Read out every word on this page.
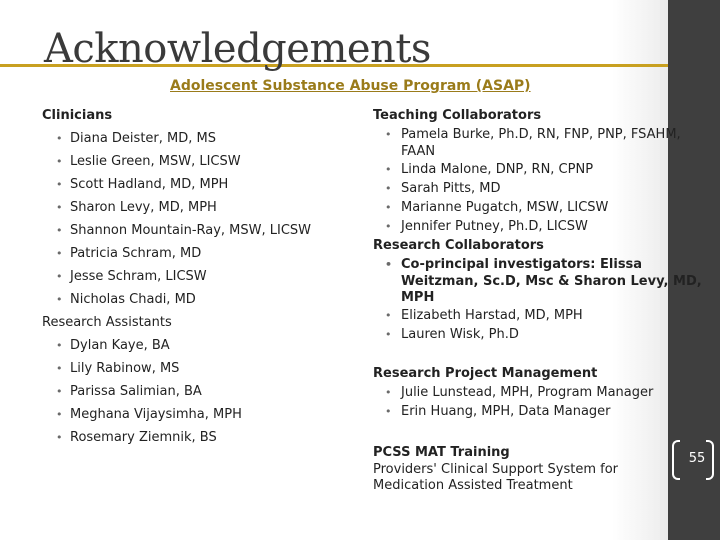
Acknowledgements
Adolescent Substance Abuse Program (ASAP)
Clinicians
• Diana Deister, MD, MS
• Leslie Green, MSW, LICSW
• Scott Hadland, MD, MPH
• Sharon Levy, MD, MPH
• Shannon Mountain-Ray, MSW, LICSW
• Patricia Schram, MD
• Jesse Schram, LICSW
• Nicholas Chadi, MD
Research Assistants
• Dylan Kaye, BA
• Lily Rabinow, MS
• Parissa Salimian, BA
• Meghana Vijaysimha, MPH
• Rosemary Ziemnik, BS
Teaching Collaborators
• Pamela Burke, Ph.D, RN, FNP, PNP, FSAHM,
FAAN
• Linda Malone, DNP, RN, CPNP
• Sarah Pitts, MD
• Marianne Pugatch, MSW, LICSW
• Jennifer Putney, Ph.D, LICSW
Research Collaborators
• Co-principal investigators: Elissa
Weitzman, Sc.D, Msc & Sharon Levy, MD,
MPH
• Elizabeth Harstad, MD, MPH
• Lauren Wisk, Ph.D
Research Project Management
• Julie Lunstead, MPH, Program Manager
• Erin Huang, MPH, Data Manager
PCSS MAT Training
Providers' Clinical Support System for
Medication Assisted Treatment
55
